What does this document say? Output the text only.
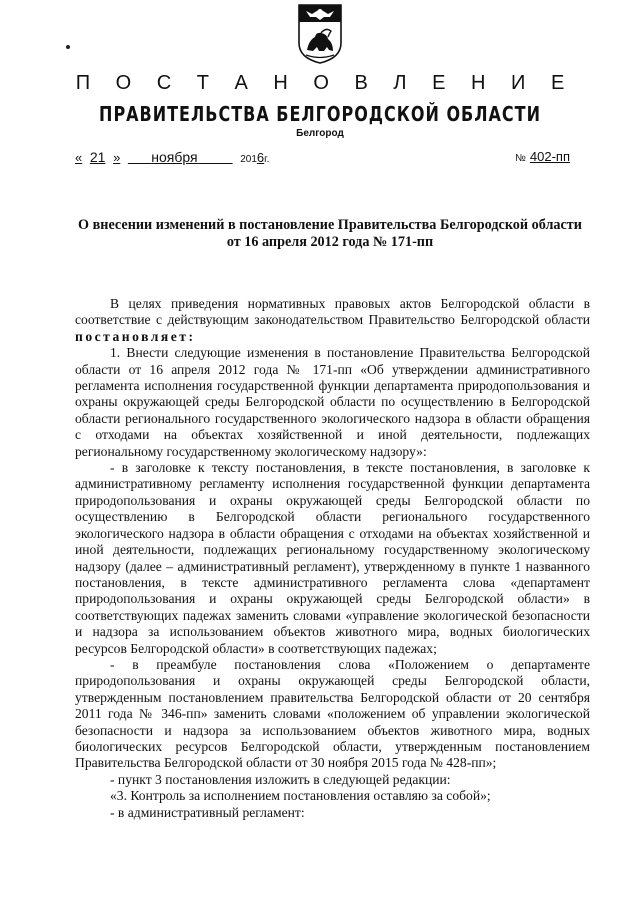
П О С Т А Н О В Л Е Н И Е
ПРАВИТЕЛЬСТВА БЕЛГОРОДСКОЙ ОБЛАСТИ
Белгород
« 21 » ноября	2016г.	№ 402-пп
О внесении изменений в постановление Правительства Белгородской области от 16 апреля 2012 года № 171-пп

В целях приведения нормативных правовых актов Белгородской области в соответствие с действующим законодательством Правительство Белгородской области постановляет:

1. Внести следующие изменения в постановление Правительства Белгородской области от 16 апреля 2012 года № 171-пп «Об утверждении административного регламента исполнения государственной функции департамента природопользования и охраны окружающей среды Белгородской области по осуществлению в Белгородской области регионального государственного экологического надзора в области обращения с отходами на объектах хозяйственной и иной деятельности, подлежащих региональному государственному экологическому надзору»:

- в заголовке к тексту постановления, в тексте постановления, в заголовке к административному регламенту исполнения государственной функции департамента природопользования и охраны окружающей среды Белгородской области по осуществлению в Белгородской области регионального государственного экологического надзора в области обращения с отходами на объектах хозяйственной и иной деятельности, подлежащих региональному государственному экологическому надзору (далее – административный регламент), утвержденному в пункте 1 названного постановления, в тексте административного регламента слова «департамент природопользования и охраны окружающей среды Белгородской области» в соответствующих падежах заменить словами «управление экологической безопасности и надзора за использованием объектов животного мира, водных биологических ресурсов Белгородской области» в соответствующих падежах;

- в преамбуле постановления слова «Положением о департаменте природопользования и охраны окружающей среды Белгородской области, утвержденным постановлением правительства Белгородской области от 20 сентября 2011 года № 346-пп» заменить словами «положением об управлении экологической безопасности и надзора за использованием объектов животного мира, водных биологических ресурсов Белгородской области, утвержденным постановлением Правительства Белгородской области от 30 ноября 2015 года № 428-пп»;

- пункт 3 постановления изложить в следующей редакции:

«3. Контроль за исполнением постановления оставляю за собой»;

- в административный регламент:
